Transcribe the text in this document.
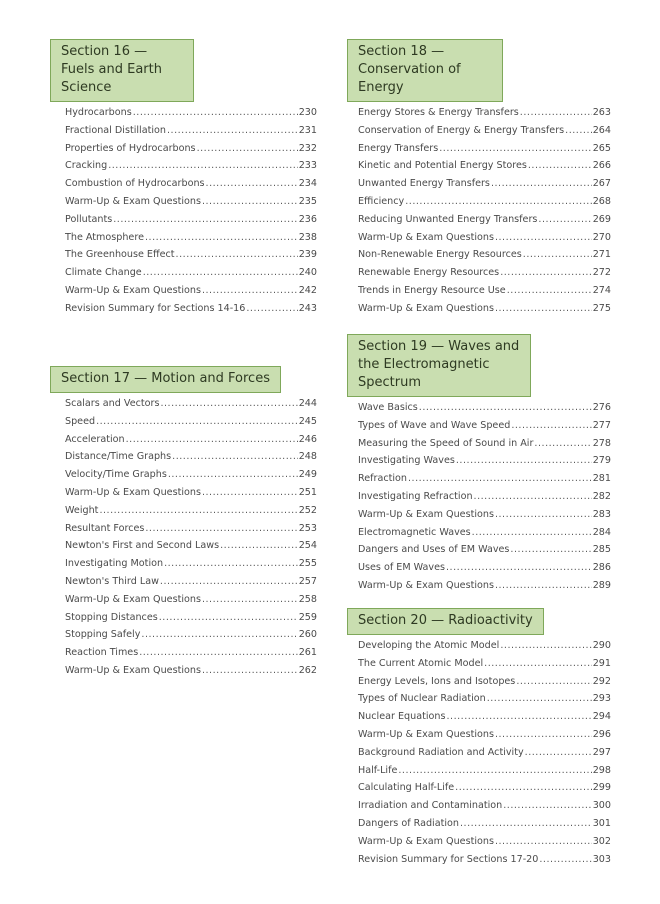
Section 16 — Fuels and Earth Science
Hydrocarbons .....	230
Fractional Distillation .....	231
Properties of Hydrocarbons .....	232
Cracking .....	233
Combustion of Hydrocarbons .....	234
Warm-Up & Exam Questions .....	235
Pollutants .....	236
The Atmosphere .....	238
The Greenhouse Effect .....	239
Climate Change .....	240
Warm-Up & Exam Questions .....	242
Revision Summary for Sections 14-16 .....	243
Section 17 — Motion and Forces
Scalars and Vectors .....	244
Speed .....	245
Acceleration .....	246
Distance/Time Graphs .....	248
Velocity/Time Graphs .....	249
Warm-Up & Exam Questions .....	251
Weight .....	252
Resultant Forces .....	253
Newton's First and Second Laws .....	254
Investigating Motion .....	255
Newton's Third Law .....	257
Warm-Up & Exam Questions .....	258
Stopping Distances .....	259
Stopping Safely .....	260
Reaction Times .....	261
Warm-Up & Exam Questions .....	262
Section 18 — Conservation of Energy
Energy Stores & Energy Transfers .....	263
Conservation of Energy & Energy Transfers .....	264
Energy Transfers .....	265
Kinetic and Potential Energy Stores .....	266
Unwanted Energy Transfers .....	267
Efficiency .....	268
Reducing Unwanted Energy Transfers .....	269
Warm-Up & Exam Questions .....	270
Non-Renewable Energy Resources .....	271
Renewable Energy Resources .....	272
Trends in Energy Resource Use .....	274
Warm-Up & Exam Questions .....	275
Section 19 — Waves and the Electromagnetic Spectrum
Wave Basics .....	276
Types of Wave and Wave Speed .....	277
Measuring the Speed of Sound in Air .....	278
Investigating Waves .....	279
Refraction .....	281
Investigating Refraction .....	282
Warm-Up & Exam Questions .....	283
Electromagnetic Waves .....	284
Dangers and Uses of EM Waves .....	285
Uses of EM Waves .....	286
Warm-Up & Exam Questions .....	289
Section 20 — Radioactivity
Developing the Atomic Model .....	290
The Current Atomic Model .....	291
Energy Levels, Ions and Isotopes .....	292
Types of Nuclear Radiation .....	293
Nuclear Equations .....	294
Warm-Up & Exam Questions .....	296
Background Radiation and Activity .....	297
Half-Life .....	298
Calculating Half-Life .....	299
Irradiation and Contamination .....	300
Dangers of Radiation .....	301
Warm-Up & Exam Questions .....	302
Revision Summary for Sections 17-20 .....	303
